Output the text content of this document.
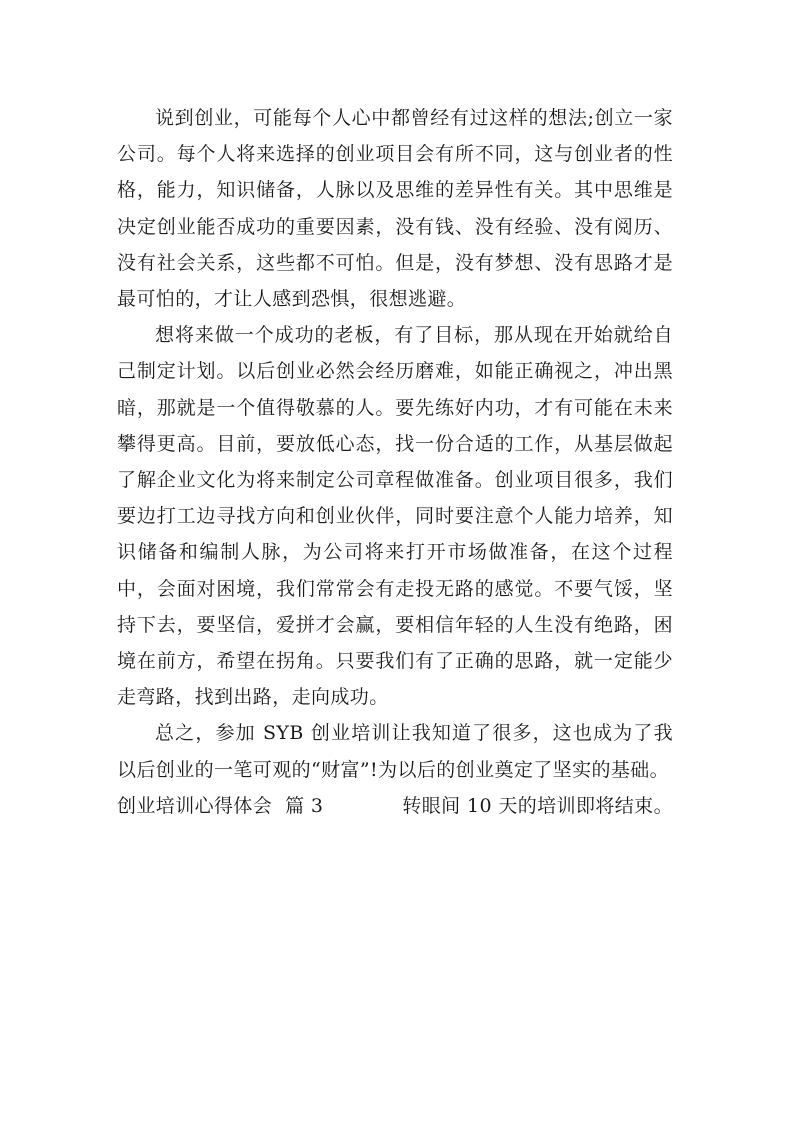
说到创业，可能每个人心中都曾经有过这样的想法;创立一家公司。每个人将来选择的创业项目会有所不同，这与创业者的性格，能力，知识储备，人脉以及思维的差异性有关。其中思维是决定创业能否成功的重要因素，没有钱、没有经验、没有阅历、没有社会关系，这些都不可怕。但是，没有梦想、没有思路才是最可怕的，才让人感到恐惧，很想逃避。

想将来做一个成功的老板，有了目标，那从现在开始就给自己制定计划。以后创业必然会经历磨难，如能正确视之，冲出黑暗，那就是一个值得敬慕的人。要先练好内功，才有可能在未来攀得更高。目前，要放低心态，找一份合适的工作，从基层做起了解企业文化为将来制定公司章程做准备。创业项目很多，我们要边打工边寻找方向和创业伙伴，同时要注意个人能力培养，知识储备和编制人脉，为公司将来打开市场做准备，在这个过程中，会面对困境，我们常常会有走投无路的感觉。不要气馁，坚持下去，要坚信，爱拼才会赢，要相信年轻的人生没有绝路，困境在前方，希望在拐角。只要我们有了正确的思路，就一定能少走弯路，找到出路，走向成功。

总之，参加 SYB 创业培训让我知道了很多，这也成为了我以后创业的一笔可观的“财富”!为以后的创业奠定了坚实的基础。

创业培训心得体会 篇 3	转眼间 10 天的培训即将结束。
